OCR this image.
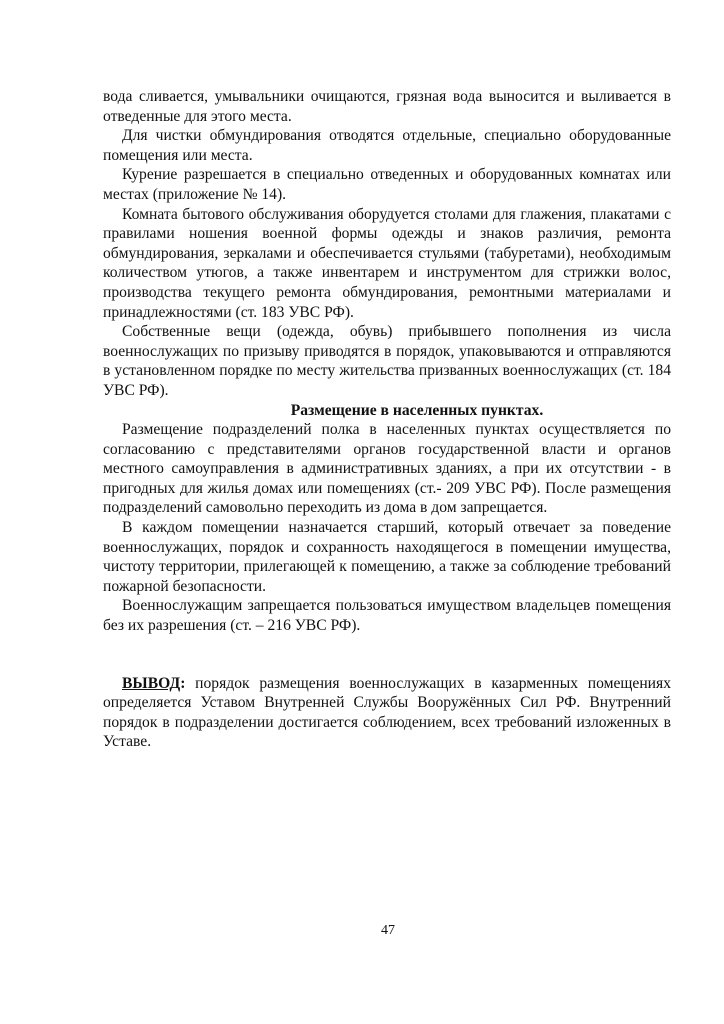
вода сливается, умывальники очищаются, грязная вода выносится и выливается в отведенные для этого места.

Для чистки обмундирования отводятся отдельные, специально оборудованные помещения или места.

Курение разрешается в специально отведенных и оборудованных комнатах или местах (приложение № 14).

Комната бытового обслуживания оборудуется столами для глажения, плакатами с правилами ношения военной формы одежды и знаков различия, ремонта обмундирования, зеркалами и обеспечивается стульями (табуретами), необходимым количеством утюгов, а также инвентарем и инструментом для стрижки волос, производства текущего ремонта обмундирования, ремонтными материалами и принадлежностями (ст. 183 УВС РФ).

Собственные вещи (одежда, обувь) прибывшего пополнения из числа военнослужащих по призыву приводятся в порядок, упаковываются и отправляются в установленном порядке по месту жительства призванных военнослужащих (ст. 184 УВС РФ).

Размещение в населенных пунктах.

Размещение подразделений полка в населенных пунктах осуществляется по согласованию с представителями органов государственной власти и органов местного самоуправления в административных зданиях, а при их отсутствии - в пригодных для жилья домах или помещениях (ст.- 209 УВС РФ). После размещения подразделений самовольно переходить из дома в дом запрещается.

В каждом помещении назначается старший, который отвечает за поведение военнослужащих, порядок и сохранность находящегося в помещении имущества, чистоту территории, прилегающей к помещению, а также за соблюдение требований пожарной безопасности.

Военнослужащим запрещается пользоваться имуществом владельцев помещения без их разрешения (ст. – 216 УВС РФ).

ВЫВОД: порядок размещения военнослужащих в казарменных помещениях определяется Уставом Внутренней Службы Вооружённых Сил РФ. Внутренний порядок в подразделении достигается соблюдением, всех требований изложенных в Уставе.

47
